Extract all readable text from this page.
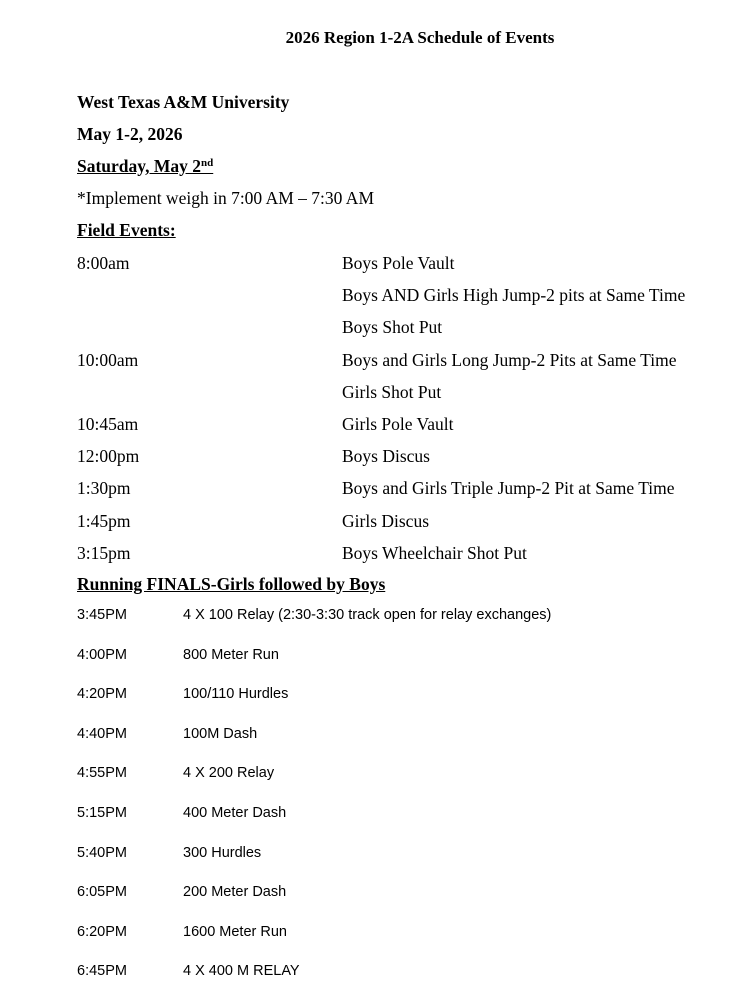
2026 Region 1-2A Schedule of Events
West Texas A&M University
May 1-2, 2026
Saturday, May 2nd
*Implement weigh in 7:00 AM – 7:30 AM
Field Events:
8:00am	Boys Pole Vault
Boys AND Girls High Jump-2 pits at Same Time
Boys Shot Put
10:00am	Boys and Girls Long Jump-2 Pits at Same Time
Girls Shot Put
10:45am	Girls Pole Vault
12:00pm	Boys Discus
1:30pm	Boys and Girls Triple Jump-2 Pit at Same Time
1:45pm	Girls Discus
3:15pm	Boys Wheelchair Shot Put
Running FINALS-Girls followed by Boys
3:45PM	4 X 100 Relay (2:30-3:30 track open for relay exchanges)
4:00PM	800 Meter Run
4:20PM	100/110 Hurdles
4:40PM	100M Dash
4:55PM	4 X 200 Relay
5:15PM	400 Meter Dash
5:40PM	300 Hurdles
6:05PM	200 Meter Dash
6:20PM	1600 Meter Run
6:45PM	4 X 400 M RELAY
